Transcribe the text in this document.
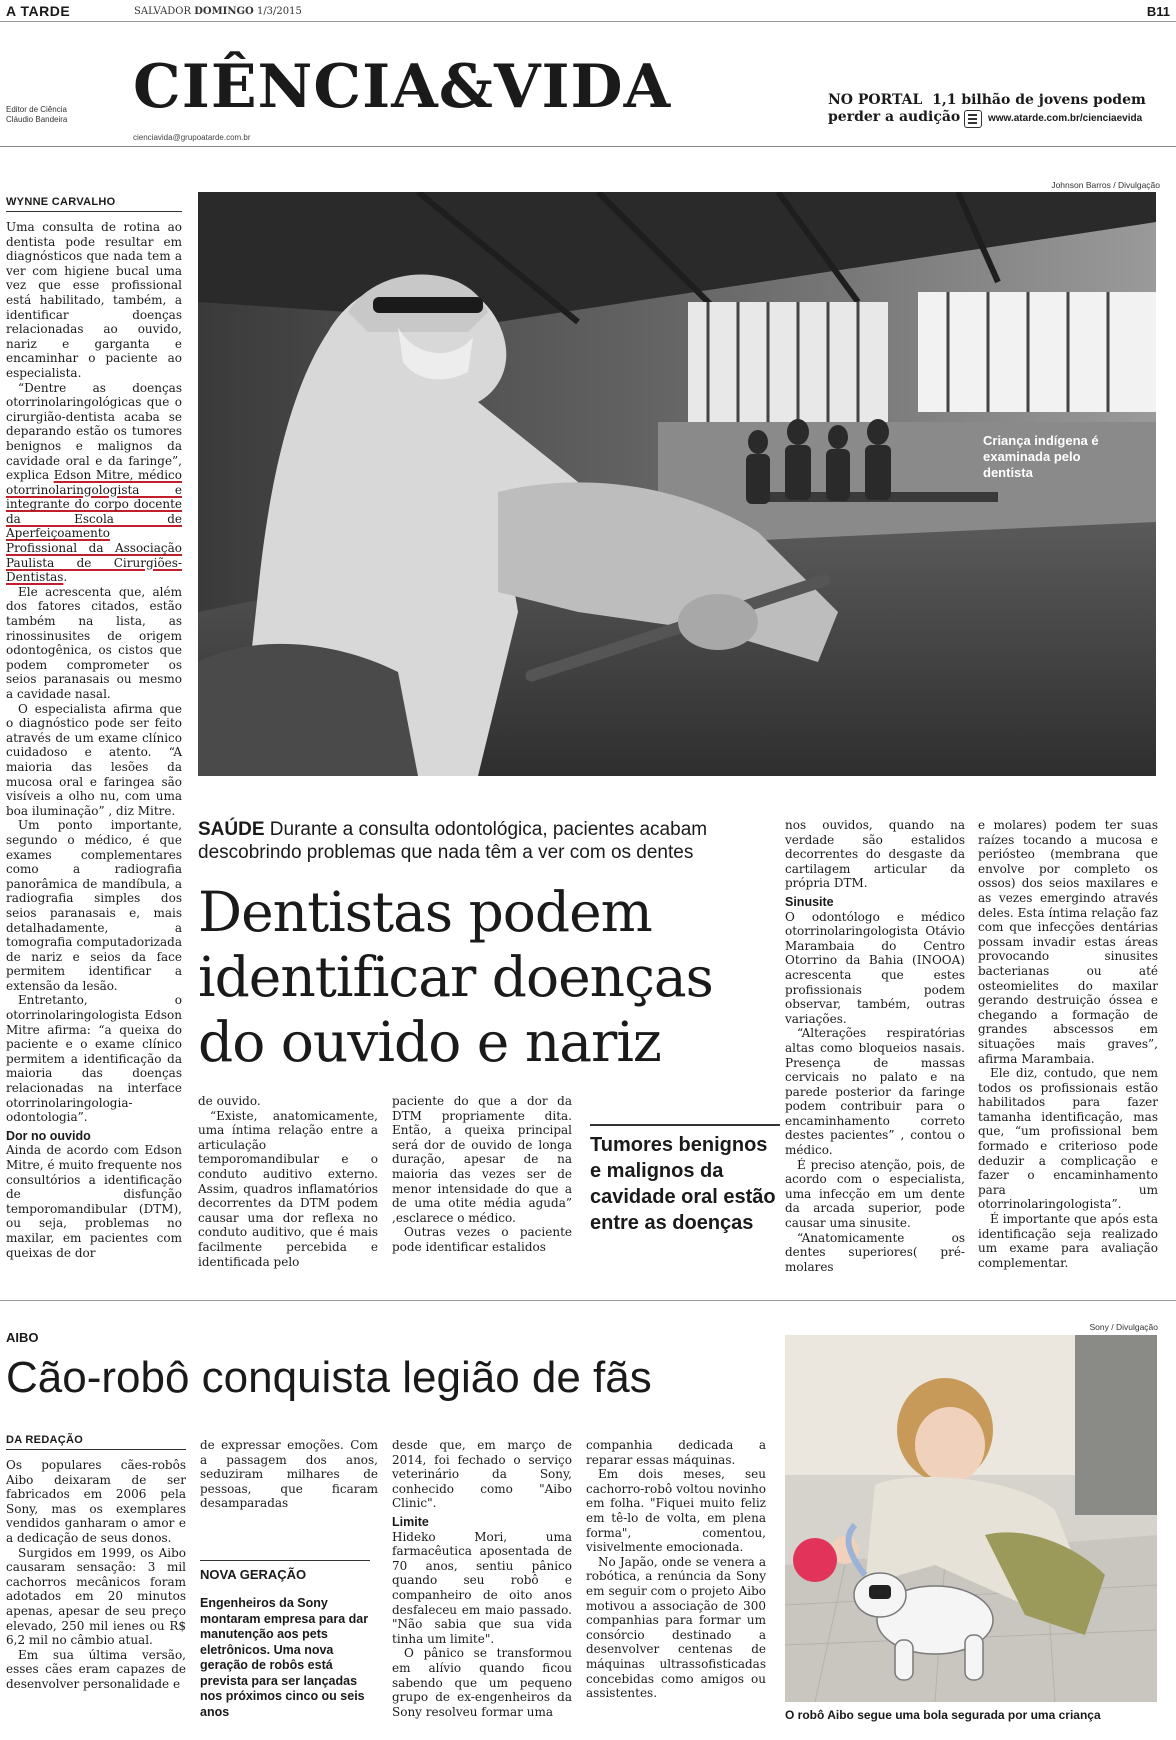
A TARDE	SALVADOR DOMINGO 1/3/2015	B11
Editor de Ciência
Cláudio Bandeira CIÊNCIA&VIDA
cienciavida@grupoatarde.com.br
NO PORTAL 1,1 bilhão de jovens podem
perder a audição	www.atarde.com.br/cienciaevida
WYNNE CARVALHO

Uma consulta de rotina ao dentista pode resultar em diagnósticos que nada tem a ver com higiene bucal uma vez que esse profissional está habilitado, também, a identificar doenças relacionadas ao ouvido, nariz e garganta e encaminhar o paciente ao especialista.

“Dentre as doenças otorrinolaringológicas que o cirurgião-dentista acaba se deparando estão os tumores benignos e malignos da cavidade oral e da faringe”, explica Edson Mitre, médico otorrinolaringologista e integrante do corpo docente da Escola de Aperfeiçoamento Profissional da Associação Paulista de Cirurgiões-Dentistas.

Ele acrescenta que, além dos fatores citados, estão também na lista, as rinossinusites de origem odontogênica, os cistos que podem comprometer os seios paranasais ou mesmo a cavidade nasal.

O especialista afirma que o diagnóstico pode ser feito através de um exame clínico cuidadoso e atento. “A maioria das lesões da mucosa oral e faringea são visíveis a olho nu, com uma boa iluminação” , diz Mitre.

Um ponto importante, segundo o médico, é que exames complementares como a radiografia panorâmica de mandíbula, a radiografia simples dos seios paranasais e, mais detalhadamente, a tomografia computadorizada de nariz e seios da face permitem identificar a extensão da lesão.

Entretanto, o otorrinolaringologista Edson Mitre afirma: “a queixa do paciente e o exame clínico permitem a identificação da maioria das doenças relacionadas na interface otorrinolaringologia-odontologia”.

Dor no ouvido

Ainda de acordo com Edson Mitre, é muito frequente nos consultórios a identificação de disfunção temporomandibular (DTM), ou seja, problemas no maxilar, em pacientes com queixas de dor

Johnson Barros / Divulgação
Criança indígena é examinada pelo dentista
SAÚDE Durante a consulta odontológica, pacientes acabam descobrindo problemas que nada têm a ver com os dentes
Dentistas podem identificar doenças do ouvido e nariz

de ouvido.

“Existe, anatomicamente, uma íntima relação entre a articulação temporomandibular e o conduto auditivo externo. Assim, quadros inflamatórios decorrentes da DTM podem causar uma dor reflexa no conduto auditivo, que é mais facilmente percebida e identificada pelo

paciente do que a dor da DTM propriamente dita. Então, a queixa principal será dor de ouvido de longa duração, apesar de na maioria das vezes ser de menor intensidade do que a de uma otite média aguda” ,esclarece o médico.

Outras vezes o paciente pode identificar estalidos

Tumores benignos e malignos da cavidade oral estão entre as doenças

nos ouvidos, quando na verdade são estalidos decorrentes do desgaste da cartilagem articular da própria DTM.

Sinusite

O odontólogo e médico otorrinolaringologista Otávio Marambaia do Centro Otorrino da Bahia (INOOA) acrescenta que estes profissionais podem observar, também, outras variações.

“Alterações respiratórias altas como bloqueios nasais. Presença de massas cervicais no palato e na parede posterior da faringe podem contribuir para o encaminhamento correto destes pacientes” , contou o médico.

É preciso atenção, pois, de acordo com o especialista, uma infecção em um dente da arcada superior, pode causar uma sinusite.

“Anatomicamente os dentes superiores( pré-molares

e molares) podem ter suas raízes tocando a mucosa e periósteo (membrana que envolve por completo os ossos) dos seios maxilares e as vezes emergindo através deles. Esta íntima relação faz com que infecções dentárias possam invadir estas áreas provocando sinusites bacterianas ou até osteomielites do maxilar gerando destruição óssea e chegando a formação de grandes abscessos em situações mais graves”, afirma Marambaia.

Ele diz, contudo, que nem todos os profissionais estão habilitados para fazer tamanha identificação, mas que, “um profissional bem formado e criterioso pode deduzir a complicação e fazer o encaminhamento para um otorrinolaringologista”.

É importante que após esta identificação seja realizado um exame para avaliação complementar.

AIBO
Cão-robô conquista legião de fãs
DA REDAÇÃO

Os populares cães-robôs Aibo deixaram de ser fabricados em 2006 pela Sony, mas os exemplares vendidos ganharam o amor e a dedicação de seus donos.

Surgidos em 1999, os Aibo causaram sensação: 3 mil cachorros mecânicos foram adotados em 20 minutos apenas, apesar de seu preço elevado, 250 mil ienes ou R$ 6,2 mil no câmbio atual.

Em sua última versão, esses cães eram capazes de desenvolver personalidade e

de expressar emoções. Com a passagem dos anos, seduziram milhares de pessoas, que ficaram desamparadas

NOVA GERAÇÃO
Engenheiros da Sony montaram empresa para dar manutenção aos pets eletrônicos. Uma nova geração de robôs está prevista para ser lançadas nos próximos cinco ou seis anos

desde que, em março de 2014, foi fechado o serviço veterinário da Sony, conhecido como "Aibo Clinic".

Limite

Hideko Mori, uma farmacêutica aposentada de 70 anos, sentiu pânico quando seu robô e companheiro de oito anos desfaleceu em maio passado. "Não sabia que sua vida tinha um limite".

O pânico se transformou em alívio quando ficou sabendo que um pequeno grupo de ex-engenheiros da Sony resolveu formar uma

companhia dedicada a reparar essas máquinas.

Em dois meses, seu cachorro-robô voltou novinho em folha. "Fiquei muito feliz em tê-lo de volta, em plena forma", comentou, visivelmente emocionada.

No Japão, onde se venera a robótica, a renúncia da Sony em seguir com o projeto Aibo motivou a associação de 300 companhias para formar um consórcio destinado a desenvolver centenas de máquinas ultrassofisticadas concebidas como amigos ou assistentes.

Sony / Divulgação
O robô Aibo segue uma bola segurada por uma criança
